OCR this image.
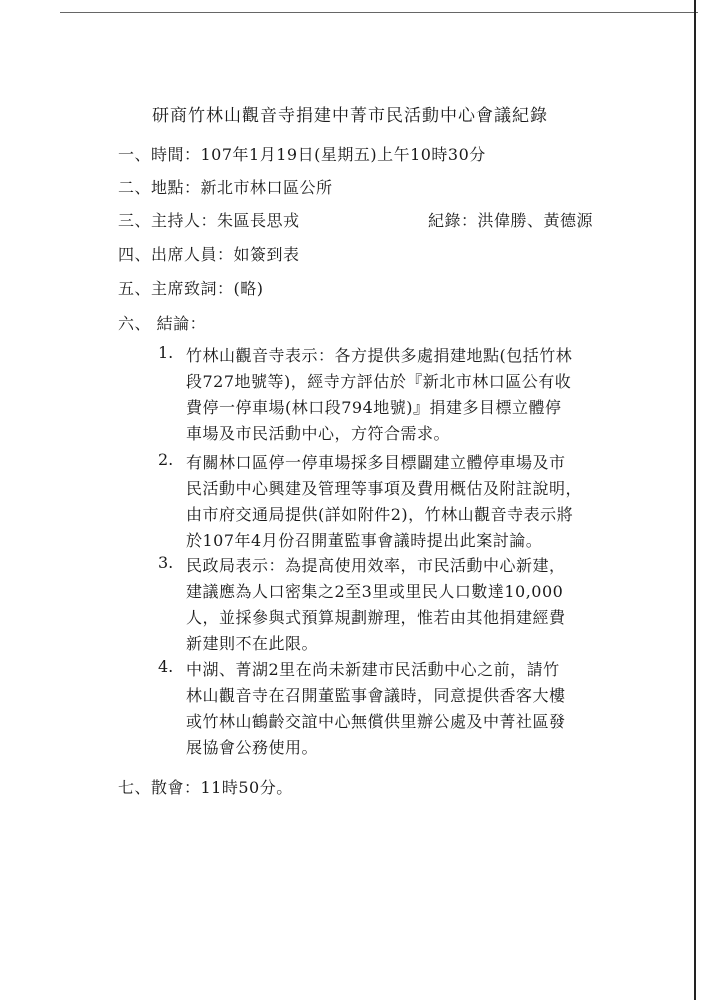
研商竹林山觀音寺捐建中菁市民活動中心會議紀錄
一、時間：107年1月19日(星期五)上午10時30分
二、地點：新北市林口區公所
三、主持人：朱區長思戎	紀錄：洪偉勝、黃德源
四、出席人員：如簽到表
五、主席致詞：(略)
六、 結論：
1. 竹林山觀音寺表示：各方提供多處捐建地點(包括竹林
段727地號等)，經寺方評估於『新北市林口區公有收
費停一停車場(林口段794地號)』捐建多目標立體停
車場及市民活動中心，方符合需求。
2. 有關林口區停一停車場採多目標闢建立體停車場及市
民活動中心興建及管理等事項及費用概估及附註說明，
由市府交通局提供(詳如附件2)，竹林山觀音寺表示將
於107年4月份召開董監事會議時提出此案討論。
3. 民政局表示：為提高使用效率，市民活動中心新建，
建議應為人口密集之2至3里或里民人口數達10,000
人，並採參與式預算規劃辦理，惟若由其他捐建經費
新建則不在此限。
4. 中湖、菁湖2里在尚未新建市民活動中心之前，請竹
林山觀音寺在召開董監事會議時，同意提供香客大樓
或竹林山鶴齡交誼中心無償供里辦公處及中菁社區發
展協會公務使用。
七、散會：11時50分。
